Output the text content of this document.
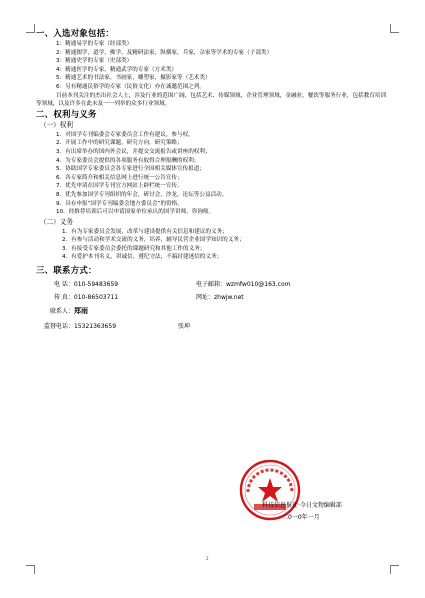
一、入选对象包括：
1：精通易学的专家（经部类）
2：精通儒学，道学，佛学，及精研法家，纵横家，兵家，杂家等学术的专家（子部类）
3：精通史学的专家（史部类）
4：精通医学的专家，精通武学的专家（方术类）
5：精通艺术的书法家，书画家，雕塑家，摄影家等（艺术类）
6：另有精通民俗学的专家（民俗文化）亦在诚邀范围之列。

目前本刊关注的杰出社会人士，涉及行业的范围广阔，包括艺术、传媒领域，企业管理领域，金融业，餐饮等服务行业，包括教育培训等领域，以及许多在此未及一一列举的众多行业领域。

二、权利与义务
（一）权利
1．对国学专刊编委会专家委员会工作有建议，参与权。
2．开展工作中的研究课题，研究方向，研究策略；
3．有出席举办的国内外会议，并提交交流报告或讲座的权利；
4．为专家委员会提供的各项服务有取得合理报酬的权利；
5．协助国学专家委员会各专家进行全国相关媒体宣传报道；
6．各专家简介和相关信息网上进行统一公告宣传；
7．优先申请在国学专刊官方网站上辟栏统一宣传。
8．优先参加国学专刊组织的年会，研讨会，沙龙，论坛等公益活动。
9．具有申报“国学专刊编委会地方委员会”的资格。
10．经推荐培训后可以申请国家单位承认的国学讲师，咨询师。
（二）义务
1．有为专家委员会发展，改革与建设提供有关信息和建议的义务；
2．有参与活动和学术交流的义务，培养，辅导民营企业国学知识的义务；
3．有接受专家委员会委托的课题研究和其他工作的义务；
4．有爱护本刊名义，讲诚信，遵纪守法，不搞封建迷信的义务；
三、联系方式：
电 话：010-59483659	电子邮箱：wzmfw010@163.com
传 真：010-86503711	网址：zhwjw.net
联系人：郑雨
监督电话：15321363659	张坤
科技信息报社·今日文物编辑部
二0一0年一月
2
